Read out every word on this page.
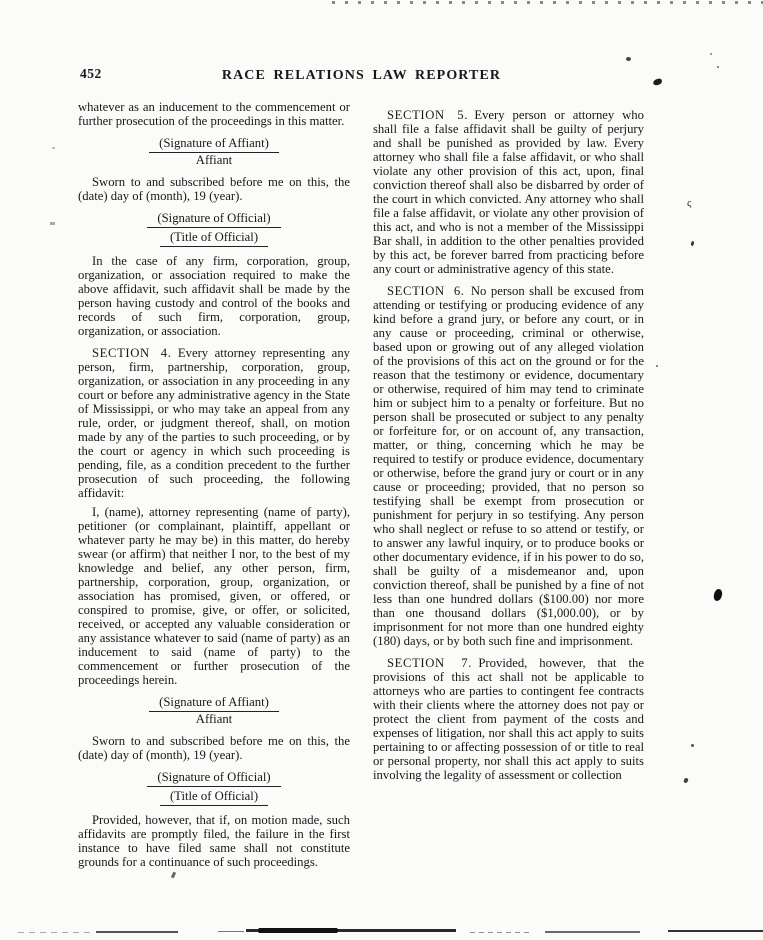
452	RACE RELATIONS LAW REPORTER

whatever as an inducement to the commencement or further prosecution of the proceedings in this matter.

(Signature of Affiant)
Affiant

Sworn to and subscribed before me on this, the (date) day of (month), 19 (year).

(Signature of Official)
(Title of Official)

In the case of any firm, corporation, group, organization, or association required to make the above affidavit, such affidavit shall be made by the person having custody and control of the books and records of such firm, corporation, group, organization, or association.

SECTION 4. Every attorney representing any person, firm, partnership, corporation, group, organization, or association in any proceeding in any court or before any administrative agency in the State of Mississippi, or who may take an appeal from any rule, order, or judgment thereof, shall, on motion made by any of the parties to such proceeding, or by the court or agency in which such proceeding is pending, file, as a condition precedent to the further prosecution of such proceeding, the following affidavit:

I, (name), attorney representing (name of party), petitioner (or complainant, plaintiff, appellant or whatever party he may be) in this matter, do hereby swear (or affirm) that neither I nor, to the best of my knowledge and belief, any other person, firm, partnership, corporation, group, organization, or association has promised, given, or offered, or conspired to promise, give, or offer, or solicited, received, or accepted any valuable consideration or any assistance whatever to said (name of party) as an inducement to said (name of party) to the commencement or further prosecution of the proceedings herein.

(Signature of Affiant)
Affiant

Sworn to and subscribed before me on this, the (date) day of (month), 19 (year).

(Signature of Official)
(Title of Official)

Provided, however, that if, on motion made, such affidavits are promptly filed, the failure in the first instance to have filed same shall not constitute grounds for a continuance of such proceedings.

SECTION 5. Every person or attorney who shall file a false affidavit shall be guilty of perjury and shall be punished as provided by law. Every attorney who shall file a false affidavit, or who shall violate any other provision of this act, upon, final conviction thereof shall also be disbarred by order of the court in which convicted. Any attorney who shall file a false affidavit, or violate any other provision of this act, and who is not a member of the Mississippi Bar shall, in addition to the other penalties provided by this act, be forever barred from practicing before any court or administrative agency of this state.

SECTION 6. No person shall be excused from attending or testifying or producing evidence of any kind before a grand jury, or before any court, or in any cause or proceeding, criminal or otherwise, based upon or growing out of any alleged violation of the provisions of this act on the ground or for the reason that the testimony or evidence, documentary or otherwise, required of him may tend to criminate him or subject him to a penalty or forfeiture. But no person shall be prosecuted or subject to any penalty or forfeiture for, or on account of, any transaction, matter, or thing, concerning which he may be required to testify or produce evidence, documentary or otherwise, before the grand jury or court or in any cause or proceeding; provided, that no person so testifying shall be exempt from prosecution or punishment for perjury in so testifying. Any person who shall neglect or refuse to so attend or testify, or to answer any lawful inquiry, or to produce books or other documentary evidence, if in his power to do so, shall be guilty of a misdemeanor and, upon conviction thereof, shall be punished by a fine of not less than one hundred dollars ($100.00) nor more than one thousand dollars ($1,000.00), or by imprisonment for not more than one hundred eighty (180) days, or by both such fine and imprisonment.

SECTION 7. Provided, however, that the provisions of this act shall not be applicable to attorneys who are parties to contingent fee contracts with their clients where the attorney does not pay or protect the client from payment of the costs and expenses of litigation, nor shall this act apply to suits pertaining to or affecting possession of or title to real or personal property, nor shall this act apply to suits involving the legality of assessment or collection

ς
